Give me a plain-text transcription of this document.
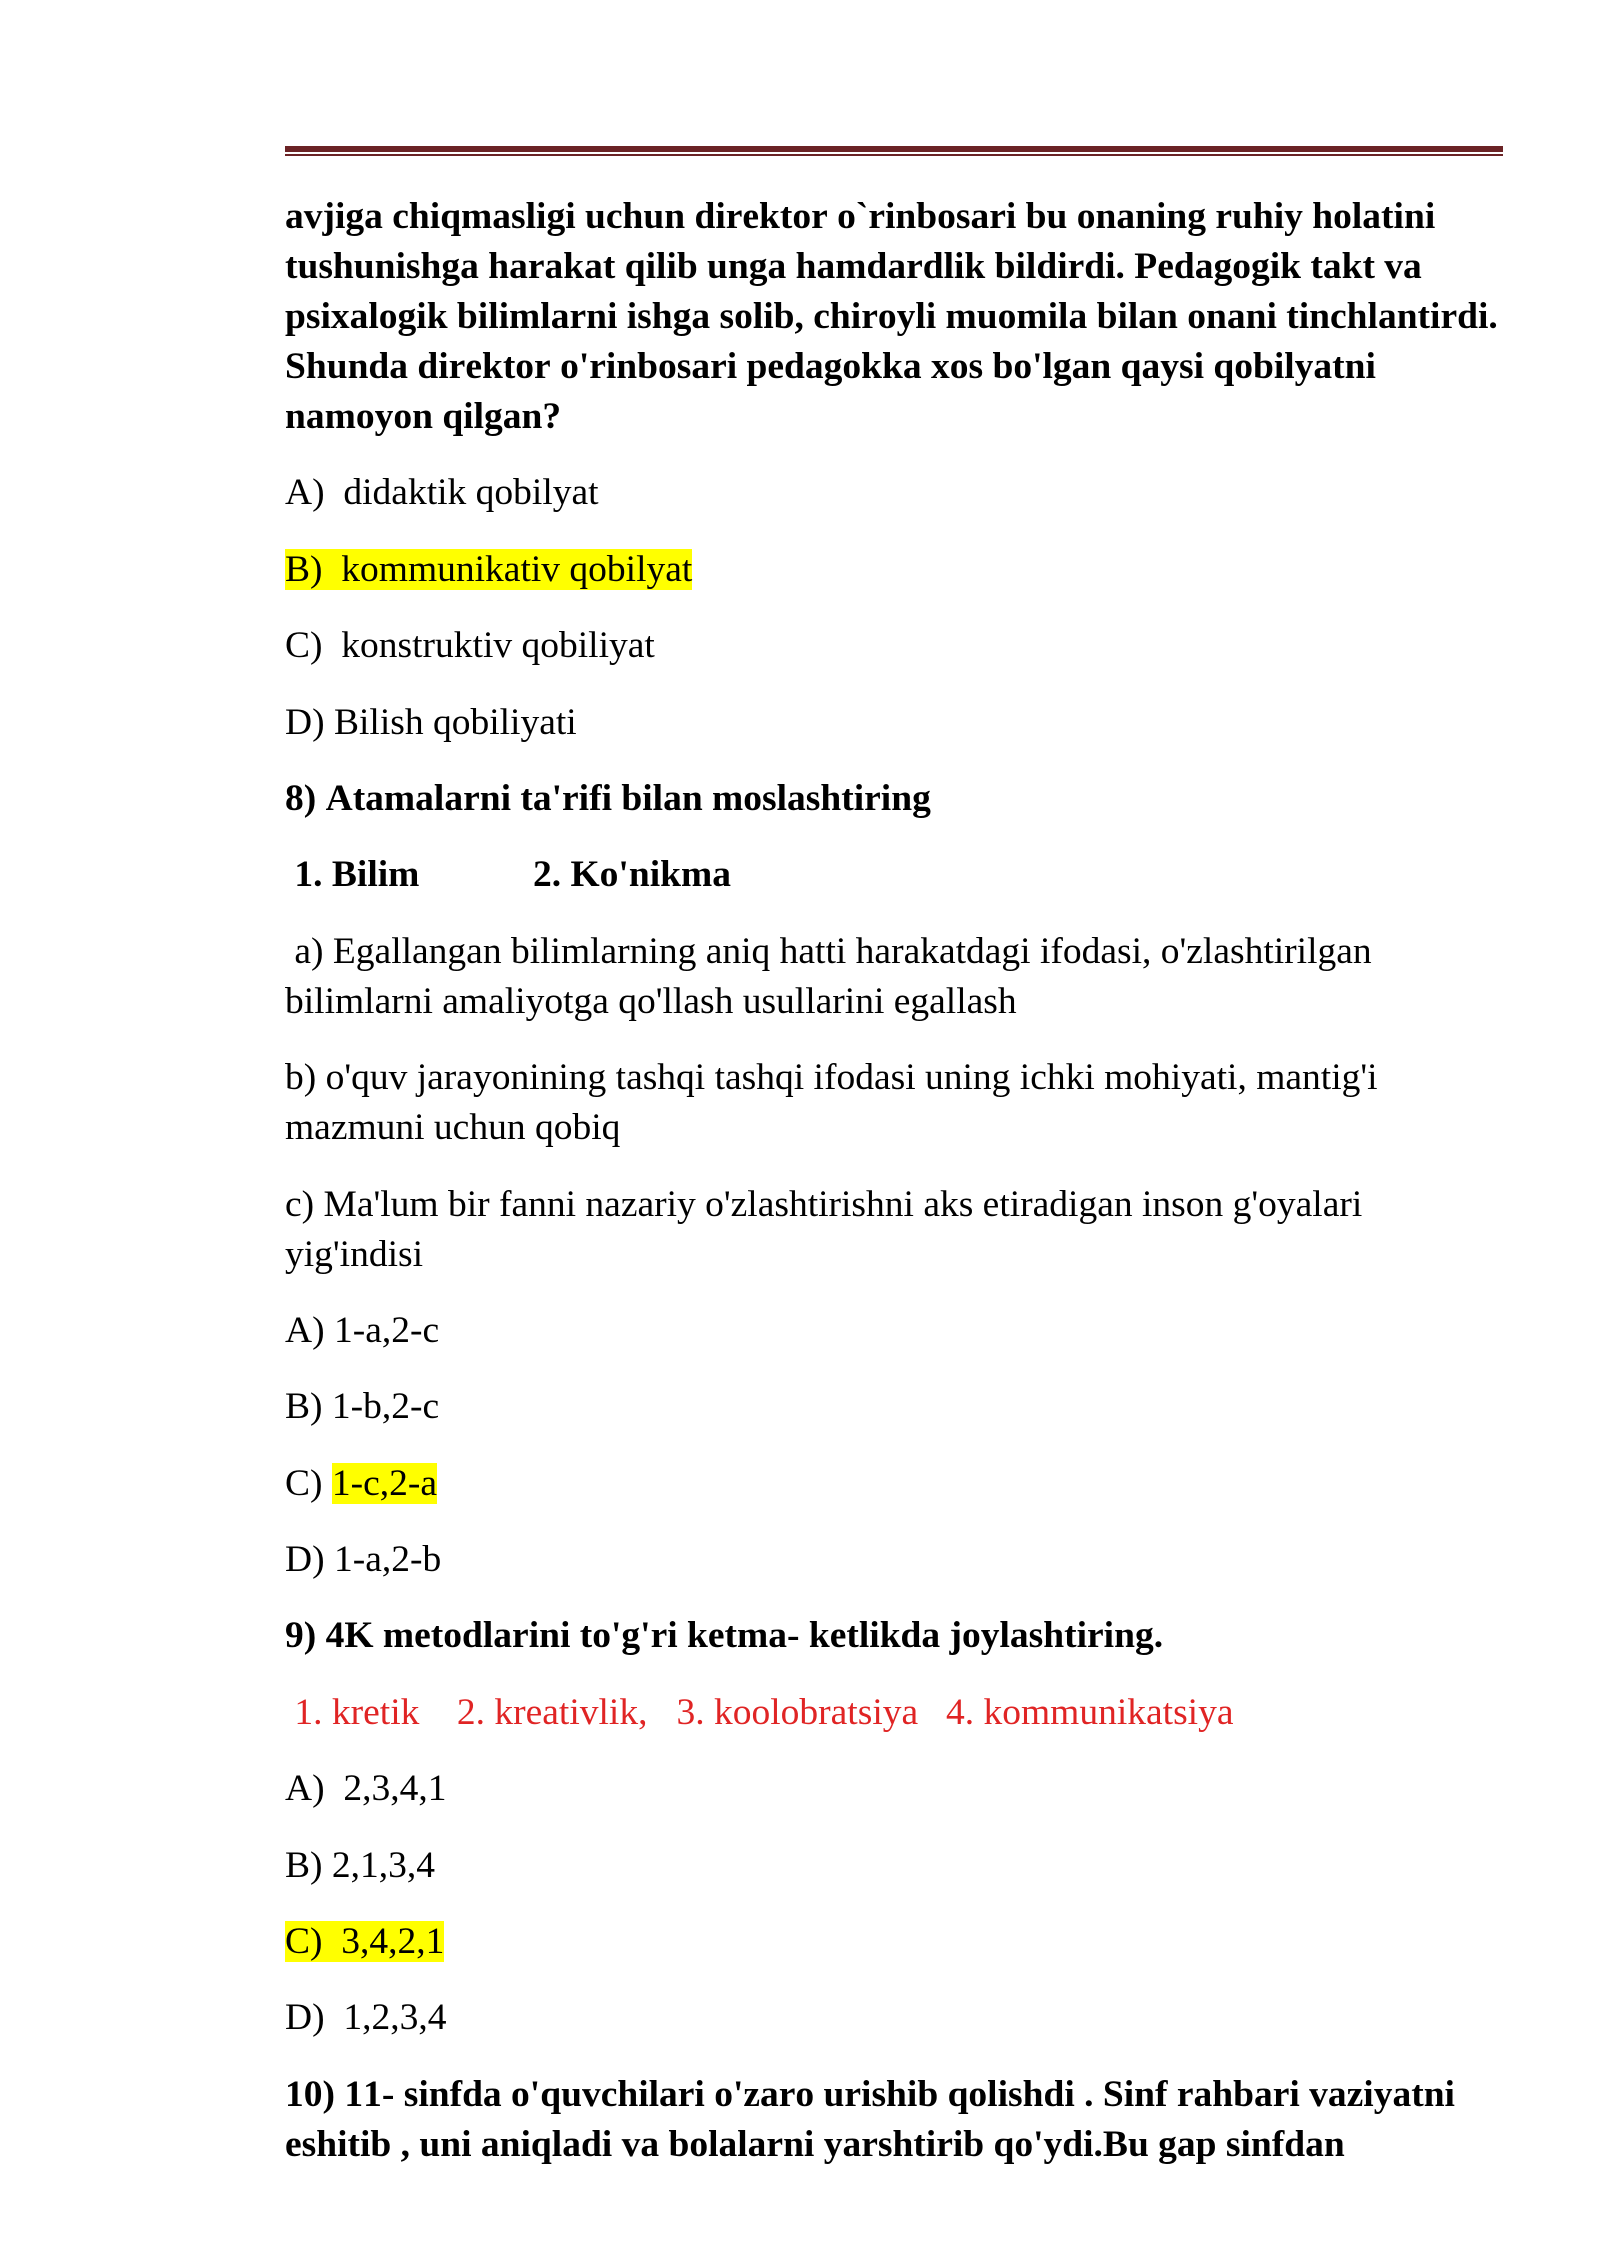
avjiga chiqmasligi uchun direktor o`rinbosari bu onaning ruhiy holatini tushunishga harakat qilib unga hamdardlik bildirdi. Pedagogik takt va psixalogik bilimlarni ishga solib, chiroyli muomila bilan onani tinchlantirdi. Shunda direktor o'rinbosari pedagokka xos bo'lgan qaysi qobilyatni namoyon qilgan?

A) didaktik qobilyat

B) kommunikativ qobilyat

C) konstruktiv qobiliyat

D) Bilish qobiliyati

8) Atamalarni ta'rifi bilan moslashtiring

1. Bilim	2. Ko'nikma

a) Egallangan bilimlarning aniq hatti harakatdagi ifodasi, o'zlashtirilgan bilimlarni amaliyotga qo'llash usullarini egallash

b) o'quv jarayonining tashqi tashqi ifodasi uning ichki mohiyati, mantig'i mazmuni uchun qobiq

c) Ma'lum bir fanni nazariy o'zlashtirishni aks etiradigan inson g'oyalari yig'indisi

A) 1-a,2-c

B) 1-b,2-c

C) 1-c,2-a

D) 1-a,2-b

9) 4K metodlarini to'g'ri ketma- ketlikda joylashtiring.

1. kretik 2. kreativlik, 3. koolobratsiya 4. kommunikatsiya

A) 2,3,4,1

B) 2,1,3,4

C) 3,4,2,1

D) 1,2,3,4

10) 11- sinfda o'quvchilari o'zaro urishib qolishdi . Sinf rahbari vaziyatni eshitib , uni aniqladi va bolalarni yarshtirib qo'ydi.Bu gap sinfdan
